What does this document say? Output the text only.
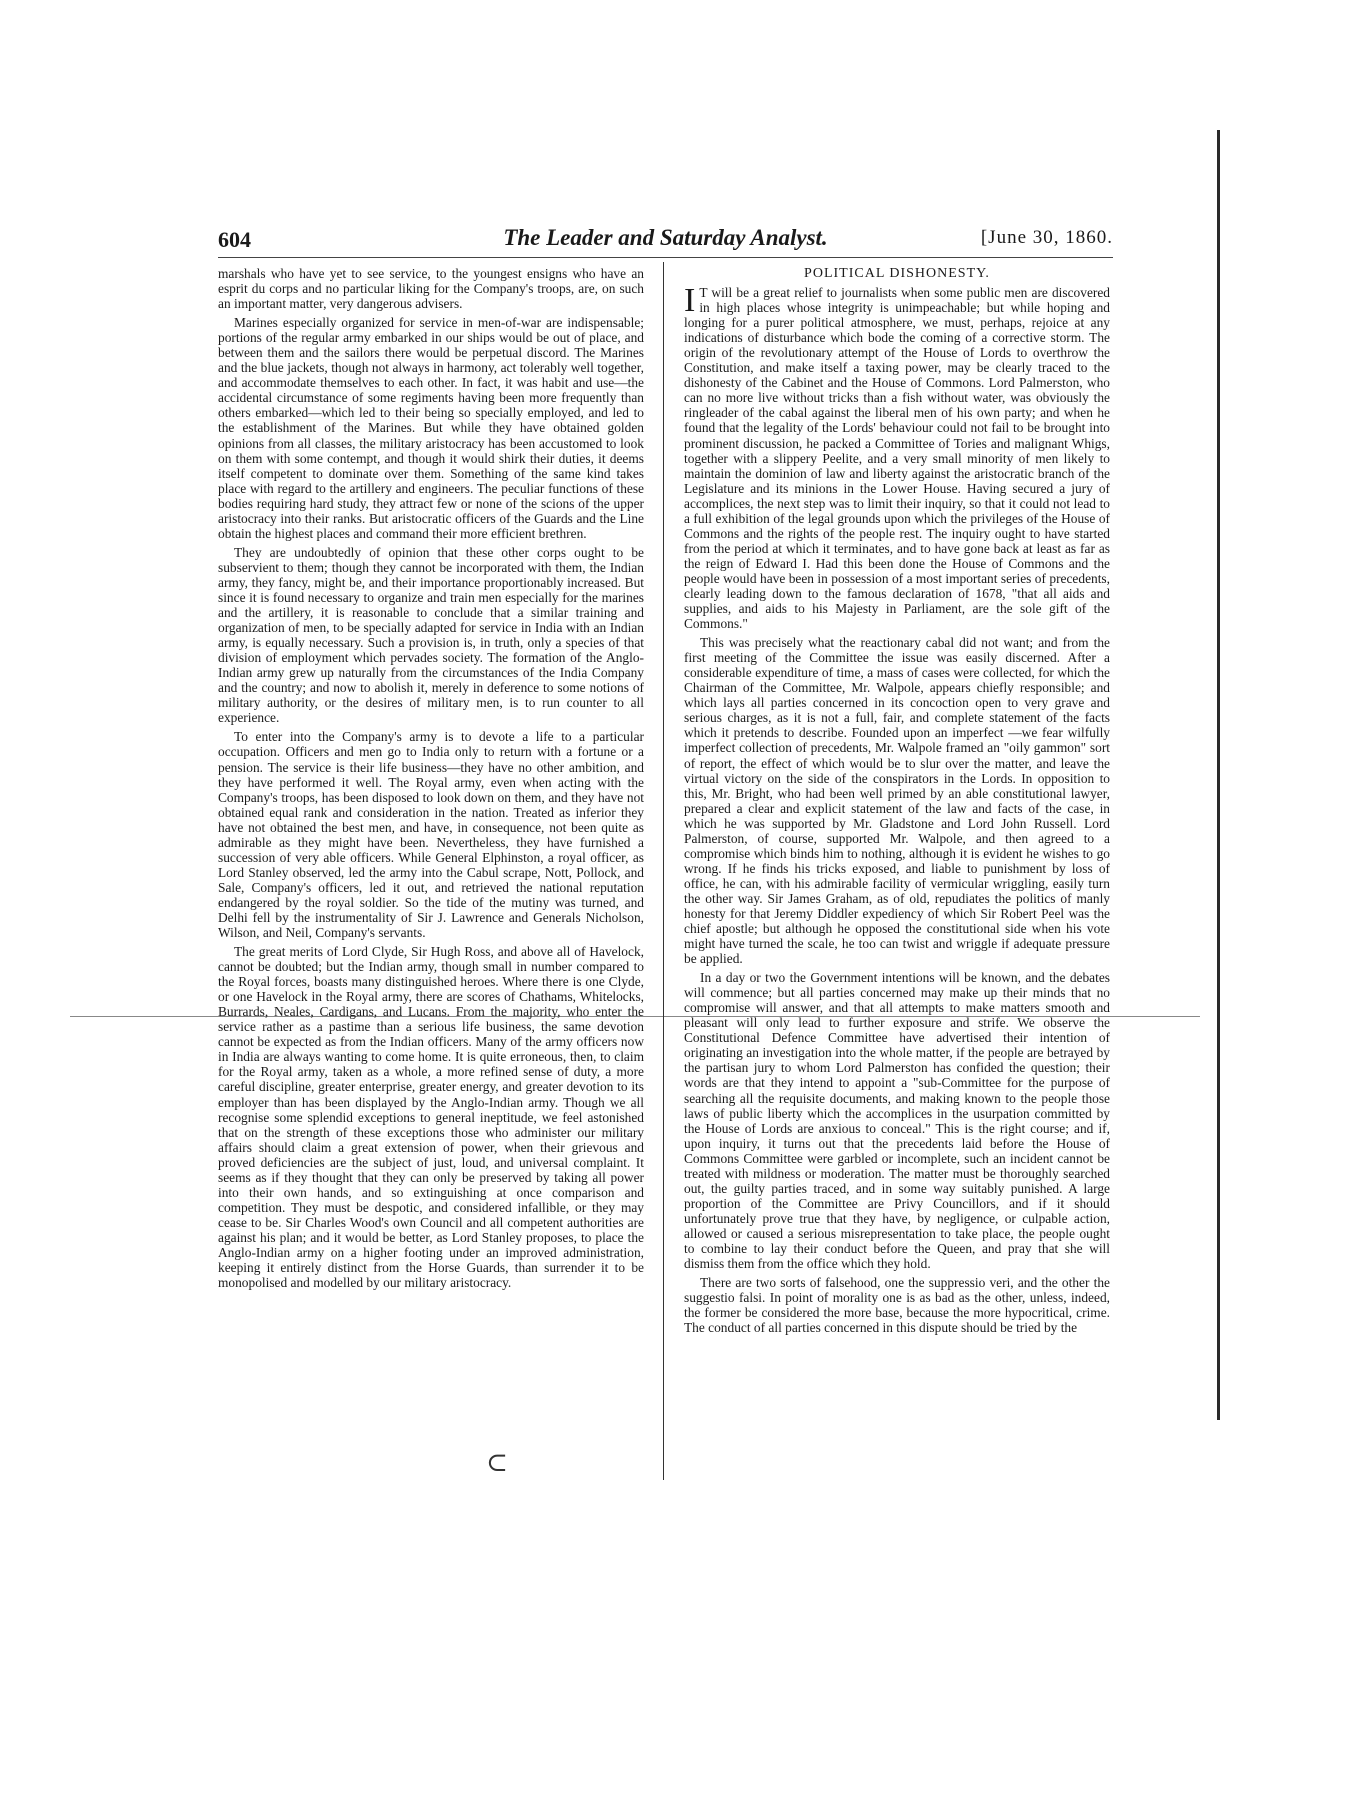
604	The Leader and Saturday Analyst.	[June 30, 1860.

marshals who have yet to see service, to the youngest ensigns who have an esprit du corps and no particular liking for the Company's troops, are, on such an important matter, very dangerous advisers.

Marines especially organized for service in men-of-war are indispensable; portions of the regular army embarked in our ships would be out of place, and between them and the sailors there would be perpetual discord. The Marines and the blue jackets, though not always in harmony, act tolerably well together, and accommodate themselves to each other. In fact, it was habit and use—the accidental circumstance of some regiments having been more frequently than others embarked—which led to their being so specially employed, and led to the establishment of the Marines. But while they have obtained golden opinions from all classes, the military aristocracy has been accustomed to look on them with some contempt, and though it would shirk their duties, it deems itself competent to dominate over them. Something of the same kind takes place with regard to the artillery and engineers. The peculiar functions of these bodies requiring hard study, they attract few or none of the scions of the upper aristocracy into their ranks. But aristocratic officers of the Guards and the Line obtain the highest places and command their more efficient brethren.

They are undoubtedly of opinion that these other corps ought to be subservient to them; though they cannot be incorporated with them, the Indian army, they fancy, might be, and their importance proportionably increased. But since it is found necessary to organize and train men especially for the marines and the artillery, it is reasonable to conclude that a similar training and organization of men, to be specially adapted for service in India with an Indian army, is equally necessary. Such a provision is, in truth, only a species of that division of employment which pervades society. The formation of the Anglo-Indian army grew up naturally from the circumstances of the India Company and the country; and now to abolish it, merely in deference to some notions of military authority, or the desires of military men, is to run counter to all experience.

To enter into the Company's army is to devote a life to a particular occupation. Officers and men go to India only to return with a fortune or a pension. The service is their life business—they have no other ambition, and they have performed it well. The Royal army, even when acting with the Company's troops, has been disposed to look down on them, and they have not obtained equal rank and consideration in the nation. Treated as inferior they have not obtained the best men, and have, in consequence, not been quite as admirable as they might have been. Nevertheless, they have furnished a succession of very able officers. While General Elphinston, a royal officer, as Lord Stanley observed, led the army into the Cabul scrape, Nott, Pollock, and Sale, Company's officers, led it out, and retrieved the national reputation endangered by the royal soldier. So the tide of the mutiny was turned, and Delhi fell by the instrumentality of Sir J. Lawrence and Generals Nicholson, Wilson, and Neil, Company's servants.

The great merits of Lord Clyde, Sir Hugh Ross, and above all of Havelock, cannot be doubted; but the Indian army, though small in number compared to the Royal forces, boasts many distinguished heroes. Where there is one Clyde, or one Havelock in the Royal army, there are scores of Chathams, Whitelocks, Burrards, Neales, Cardigans, and Lucans. From the majority, who enter the service rather as a pastime than a serious life business, the same devotion cannot be expected as from the Indian officers. Many of the army officers now in India are always wanting to come home. It is quite erroneous, then, to claim for the Royal army, taken as a whole, a more refined sense of duty, a more careful discipline, greater enterprise, greater energy, and greater devotion to its employer than has been displayed by the Anglo-Indian army. Though we all recognise some splendid exceptions to general ineptitude, we feel astonished that on the strength of these exceptions those who administer our military affairs should claim a great extension of power, when their grievous and proved deficiencies are the subject of just, loud, and universal complaint. It seems as if they thought that they can only be preserved by taking all power into their own hands, and so extinguishing at once comparison and competition. They must be despotic, and considered infallible, or they may cease to be. Sir Charles Wood's own Council and all competent authorities are against his plan; and it would be better, as Lord Stanley proposes, to place the Anglo-Indian army on a higher footing under an improved administration, keeping it entirely distinct from the Horse Guards, than surrender it to be monopolised and modelled by our military aristocracy.

POLITICAL DISHONESTY.

I T will be a great relief to journalists when some public men are discovered in high places whose integrity is unimpeachable; but while hoping and longing for a purer political atmosphere, we must, perhaps, rejoice at any indications of disturbance which bode the coming of a corrective storm. The origin of the revolutionary attempt of the House of Lords to overthrow the Constitution, and make itself a taxing power, may be clearly traced to the dishonesty of the Cabinet and the House of Commons. Lord Palmerston, who can no more live without tricks than a fish without water, was obviously the ringleader of the cabal against the liberal men of his own party; and when he found that the legality of the Lords' behaviour could not fail to be brought into prominent discussion, he packed a Committee of Tories and malignant Whigs, together with a slippery Peelite, and a very small minority of men likely to maintain the dominion of law and liberty against the aristocratic branch of the Legislature and its minions in the Lower House. Having secured a jury of accomplices, the next step was to limit their inquiry, so that it could not lead to a full exhibition of the legal grounds upon which the privileges of the House of Commons and the rights of the people rest. The inquiry ought to have started from the period at which it terminates, and to have gone back at least as far as the reign of Edward I. Had this been done the House of Commons and the people would have been in possession of a most important series of precedents, clearly leading down to the famous declaration of 1678, "that all aids and supplies, and aids to his Majesty in Parliament, are the sole gift of the Commons."

This was precisely what the reactionary cabal did not want; and from the first meeting of the Committee the issue was easily discerned. After a considerable expenditure of time, a mass of cases were collected, for which the Chairman of the Committee, Mr. Walpole, appears chiefly responsible; and which lays all parties concerned in its concoction open to very grave and serious charges, as it is not a full, fair, and complete statement of the facts which it pretends to describe. Founded upon an imperfect —we fear wilfully imperfect collection of precedents, Mr. Walpole framed an "oily gammon" sort of report, the effect of which would be to slur over the matter, and leave the virtual victory on the side of the conspirators in the Lords. In opposition to this, Mr. Bright, who had been well primed by an able constitutional lawyer, prepared a clear and explicit statement of the law and facts of the case, in which he was supported by Mr. Gladstone and Lord John Russell. Lord Palmerston, of course, supported Mr. Walpole, and then agreed to a compromise which binds him to nothing, although it is evident he wishes to go wrong. If he finds his tricks exposed, and liable to punishment by loss of office, he can, with his admirable facility of vermicular wriggling, easily turn the other way. Sir James Graham, as of old, repudiates the politics of manly honesty for that Jeremy Diddler expediency of which Sir Robert Peel was the chief apostle; but although he opposed the constitutional side when his vote might have turned the scale, he too can twist and wriggle if adequate pressure be applied.

In a day or two the Government intentions will be known, and the debates will commence; but all parties concerned may make up their minds that no compromise will answer, and that all attempts to make matters smooth and pleasant will only lead to further exposure and strife. We observe the Constitutional Defence Committee have advertised their intention of originating an investigation into the whole matter, if the people are betrayed by the partisan jury to whom Lord Palmerston has confided the question; their words are that they intend to appoint a "sub-Committee for the purpose of searching all the requisite documents, and making known to the people those laws of public liberty which the accomplices in the usurpation committed by the House of Lords are anxious to conceal." This is the right course; and if, upon inquiry, it turns out that the precedents laid before the House of Commons Committee were garbled or incomplete, such an incident cannot be treated with mildness or moderation. The matter must be thoroughly searched out, the guilty parties traced, and in some way suitably punished. A large proportion of the Committee are Privy Councillors, and if it should unfortunately prove true that they have, by negligence, or culpable action, allowed or caused a serious misrepresentation to take place, the people ought to combine to lay their conduct before the Queen, and pray that she will dismiss them from the office which they hold.

There are two sorts of falsehood, one the suppressio veri, and the other the suggestio falsi. In point of morality one is as bad as the other, unless, indeed, the former be considered the more base, because the more hypocritical, crime. The conduct of all parties concerned in this dispute should be tried by the

⊂
